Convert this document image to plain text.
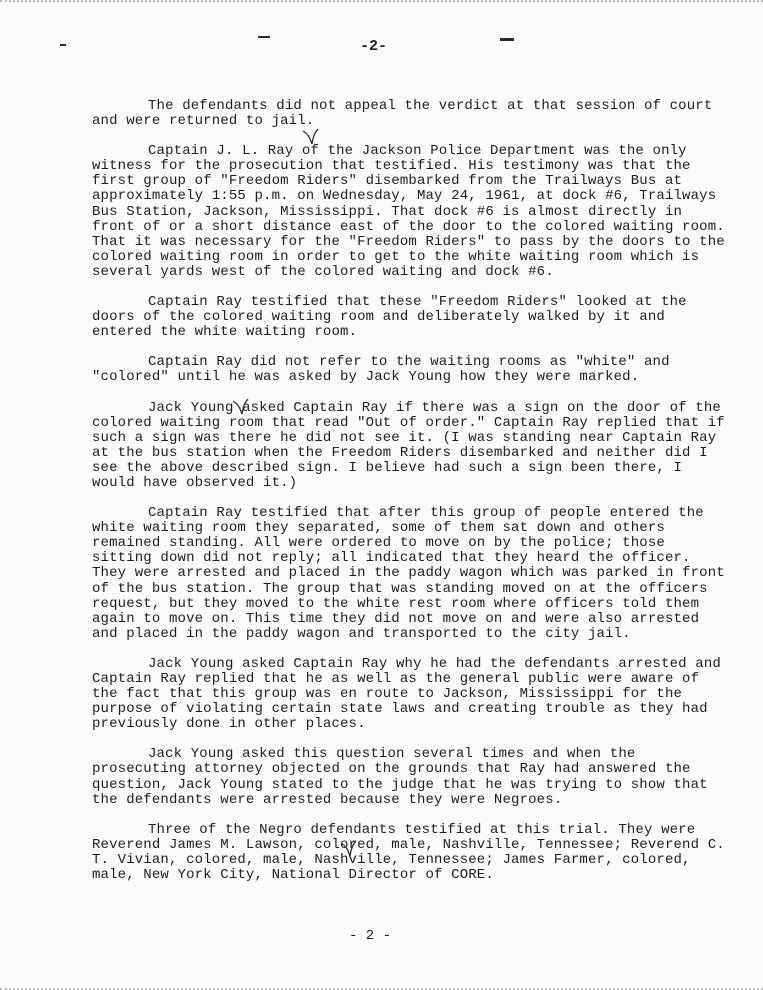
-2-

The defendants did not appeal the verdict at that session of court and were returned to jail.

Captain J. L. Ray of the Jackson Police Department was the only witness for the prosecution that testified. His testimony was that the first group of "Freedom Riders" disembarked from the Trailways Bus at approximately 1:55 p.m. on Wednesday, May 24, 1961, at dock #6, Trailways Bus Station, Jackson, Mississippi. That dock #6 is almost directly in front of or a short distance east of the door to the colored waiting room. That it was necessary for the "Freedom Riders" to pass by the doors to the colored waiting room in order to get to the white waiting room which is several yards west of the colored waiting and dock #6.

Captain Ray testified that these "Freedom Riders" looked at the doors of the colored waiting room and deliberately walked by it and entered the white waiting room.

Captain Ray did not refer to the waiting rooms as "white" and "colored" until he was asked by Jack Young how they were marked.

Jack Young asked Captain Ray if there was a sign on the door of the colored waiting room that read "Out of order." Captain Ray replied that if such a sign was there he did not see it. (I was standing near Captain Ray at the bus station when the Freedom Riders disembarked and neither did I see the above described sign. I believe had such a sign been there, I would have observed it.)

Captain Ray testified that after this group of people entered the white waiting room they separated, some of them sat down and others remained standing. All were ordered to move on by the police; those sitting down did not reply; all indicated that they heard the officer. They were arrested and placed in the paddy wagon which was parked in front of the bus station. The group that was standing moved on at the officers request, but they moved to the white rest room where officers told them again to move on. This time they did not move on and were also arrested and placed in the paddy wagon and transported to the city jail.

Jack Young asked Captain Ray why he had the defendants arrested and Captain Ray replied that he as well as the general public were aware of the fact that this group was en route to Jackson, Mississippi for the purpose of violating certain state laws and creating trouble as they had previously done in other places.

Jack Young asked this question several times and when the prosecuting attorney objected on the grounds that Ray had answered the question, Jack Young stated to the judge that he was trying to show that the defendants were arrested because they were Negroes.

Three of the Negro defendants testified at this trial. They were Reverend James M. Lawson, colored, male, Nashville, Tennessee; Reverend C. T. Vivian, colored, male, Nashville, Tennessee; James Farmer, colored, male, New York City, National Director of CORE.

- 2 -
